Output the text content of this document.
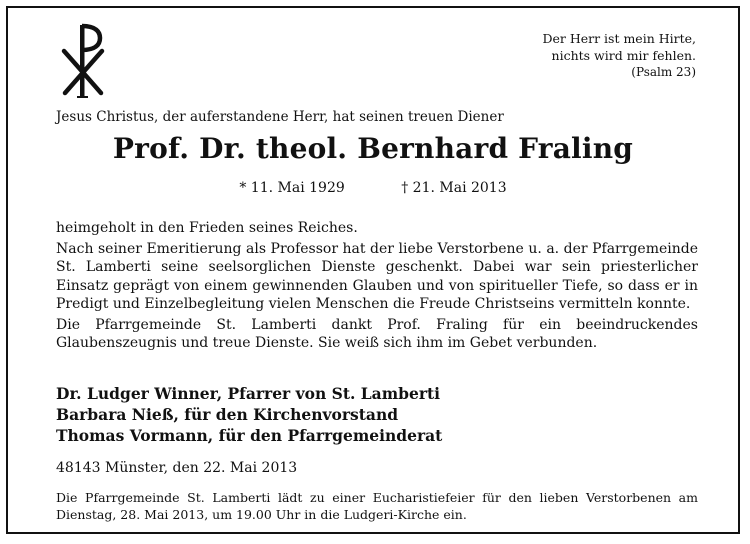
Der Herr ist mein Hirte,
nichts wird mir fehlen.
(Psalm 23)
Jesus Christus, der auferstandene Herr, hat seinen treuen Diener
Prof. Dr. theol. Bernhard Fraling
* 11. Mai 1929	† 21. Mai 2013

heimgeholt in den Frieden seines Reiches.

Nach seiner Emeritierung als Professor hat der liebe Verstorbene u. a. der Pfarrgemeinde St. Lamberti seine seelsorglichen Dienste geschenkt. Dabei war sein priesterlicher Einsatz geprägt von einem gewinnenden Glauben und von spiritueller Tiefe, so dass er in Predigt und Einzelbegleitung vielen Menschen die Freude Christseins vermitteln konnte.

Die Pfarrgemeinde St. Lamberti dankt Prof. Fraling für ein beeindruckendes Glaubenszeugnis und treue Dienste. Sie weiß sich ihm im Gebet verbunden.

Dr. Ludger Winner, Pfarrer von St. Lamberti
Barbara Nieß, für den Kirchenvorstand
Thomas Vormann, für den Pfarrgemeinderat
48143 Münster, den 22. Mai 2013
Die Pfarrgemeinde St. Lamberti lädt zu einer Eucharistiefeier für den lieben Verstorbenen am Dienstag, 28. Mai 2013, um 19.00 Uhr in die Ludgeri-Kirche ein.
